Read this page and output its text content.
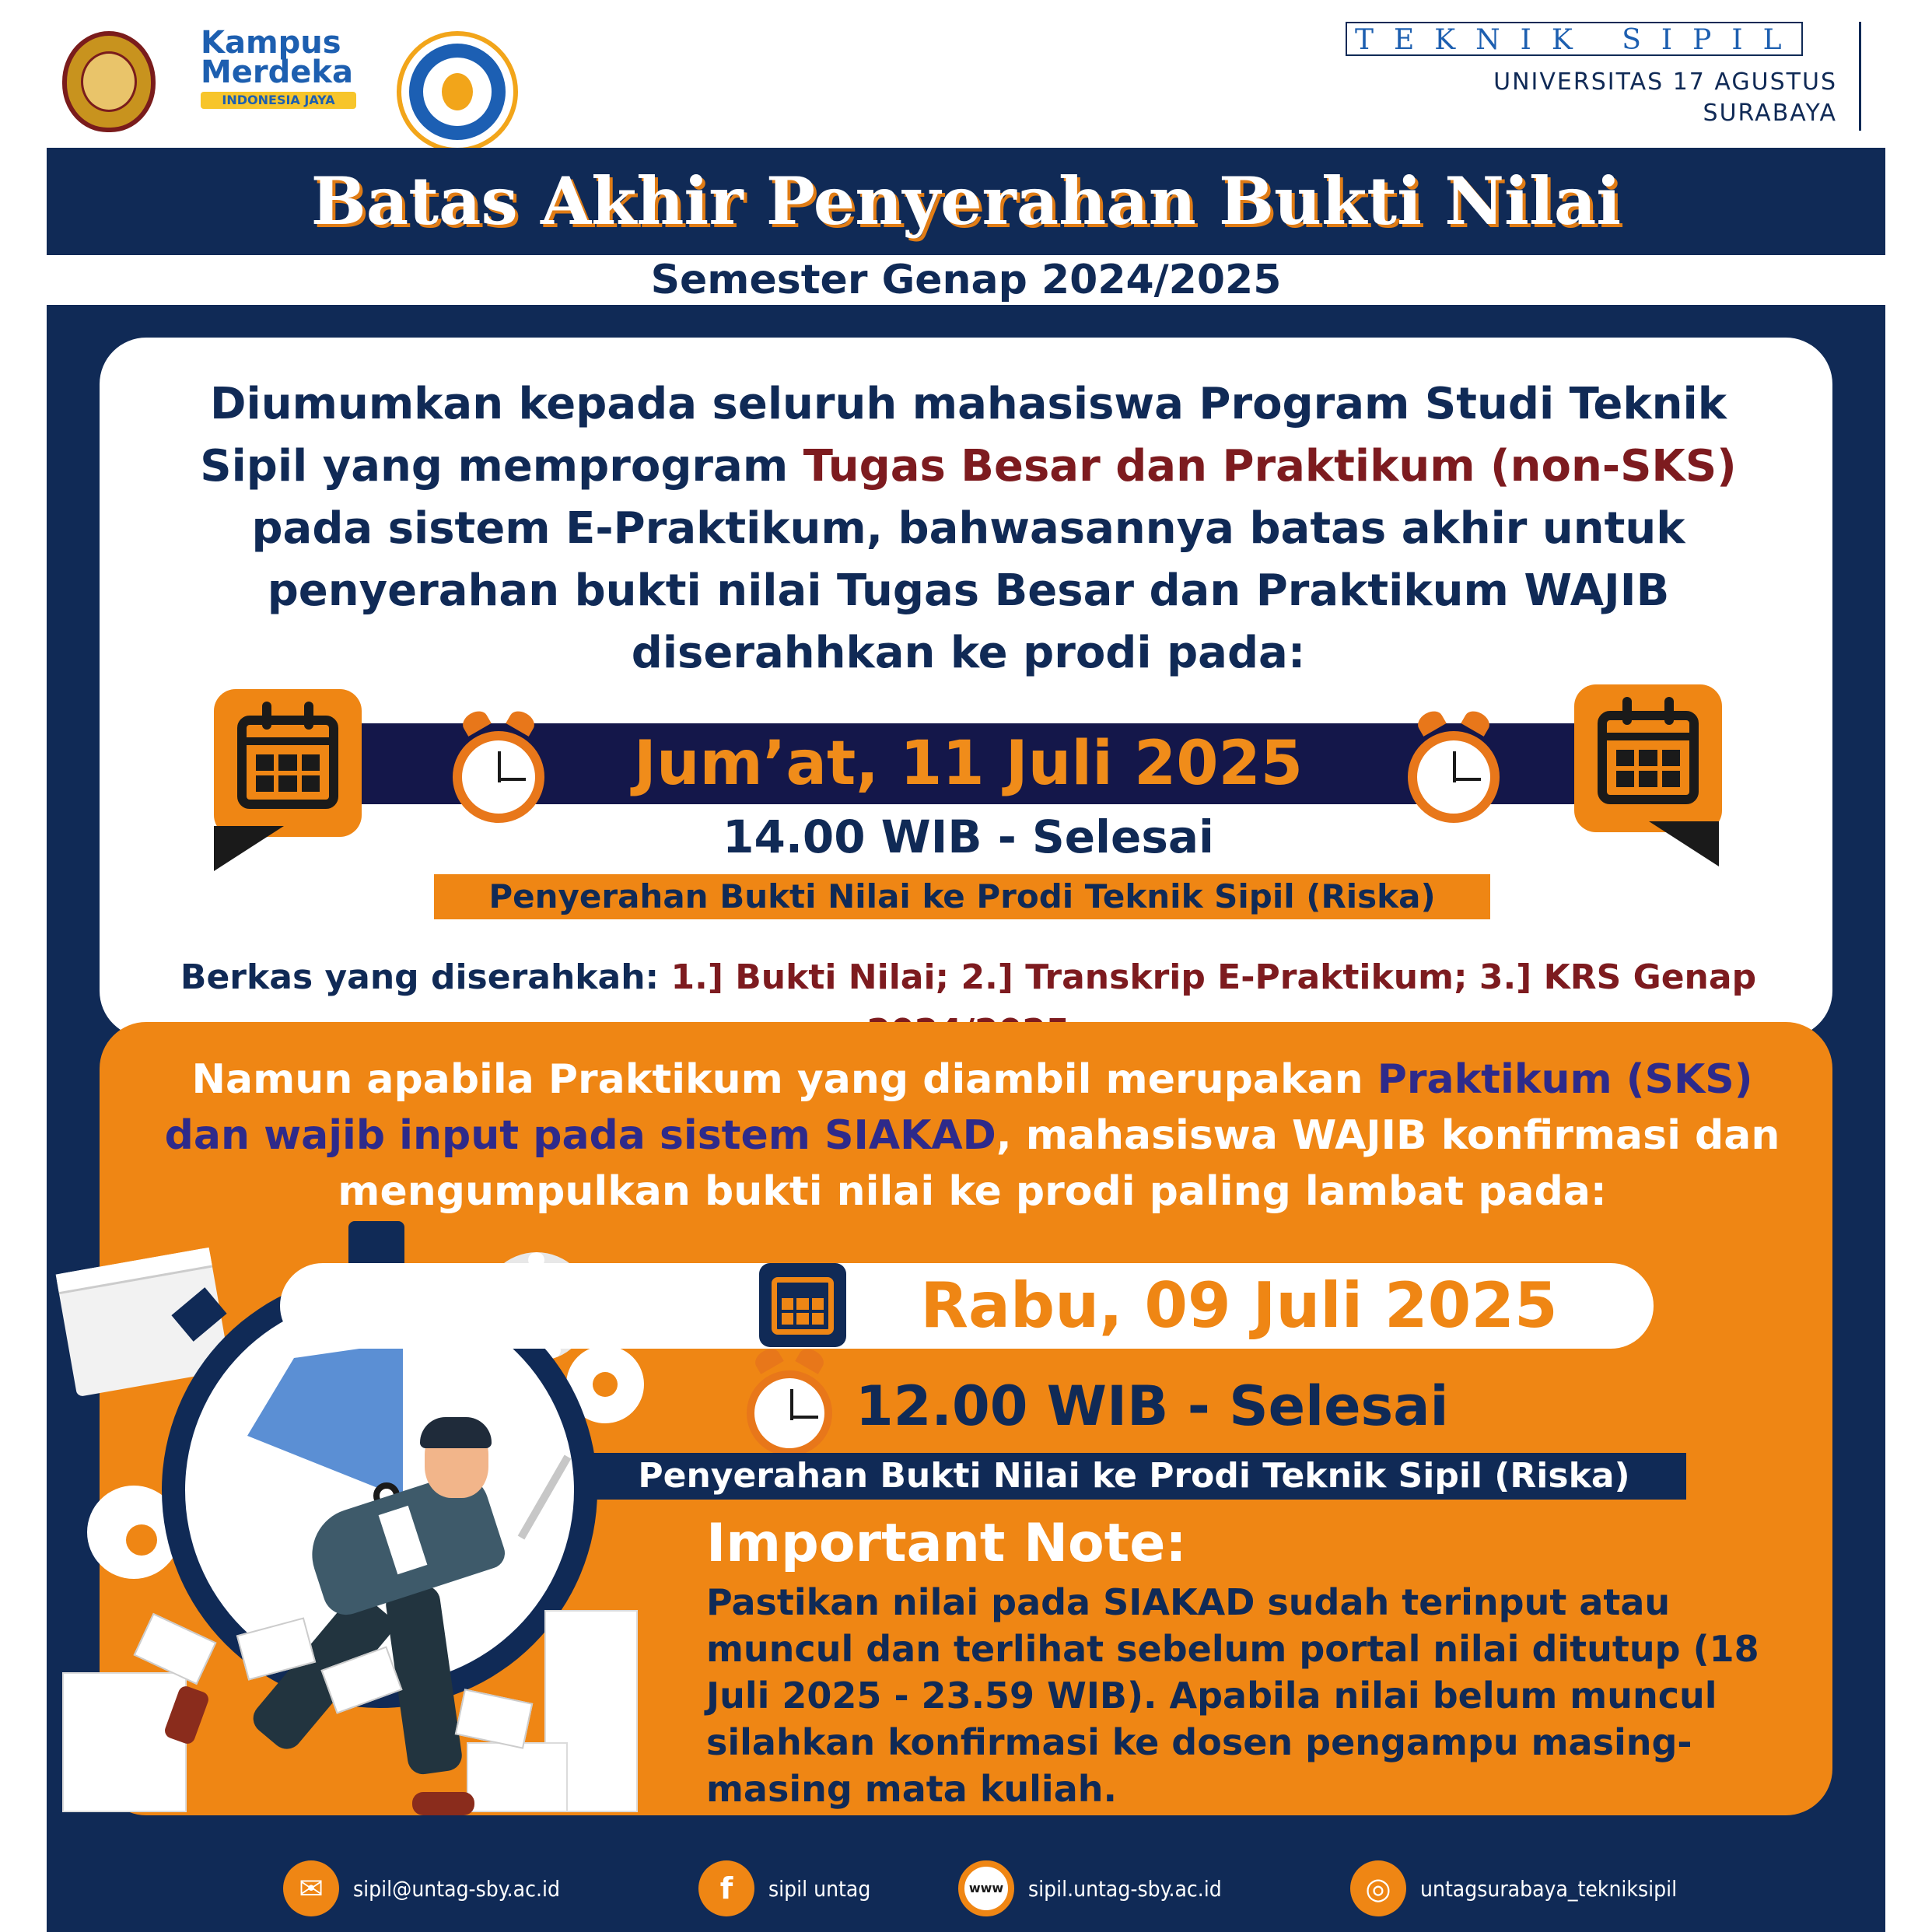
Kampus
Merdeka
INDONESIA JAYA
TEKNIK SIPIL
UNIVERSITAS 17 AGUSTUS
SURABAYA
Batas Akhir Penyerahan Bukti Nilai
Semester Genap 2024/2025
Diumumkan kepada seluruh mahasiswa Program Studi Teknik Sipil yang memprogram Tugas Besar dan Praktikum (non-SKS) pada sistem E-Praktikum, bahwasannya batas akhir untuk penyerahan bukti nilai Tugas Besar dan Praktikum WAJIB diserahhkan ke prodi pada:
Jum’at, 11 Juli 2025
14.00 WIB - Selesai
Penyerahan Bukti Nilai ke Prodi Teknik Sipil (Riska)
Berkas yang diserahkah: 1.] Bukti Nilai; 2.] Transkrip E-Praktikum; 3.] KRS Genap
Namun apabila Praktikum yang diambil merupakan Praktikum (SKS) dan wajib input pada sistem SIAKAD, mahasiswa WAJIB konfirmasi dan mengumpulkan bukti nilai ke prodi paling lambat pada:
Rabu, 09 Juli 2025
12.00 WIB - Selesai
Penyerahan Bukti Nilai ke Prodi Teknik Sipil (Riska)
Important Note:
Pastikan nilai pada SIAKAD sudah terinput atau muncul dan terlihat sebelum portal nilai ditutup (18 Juli 2025 - 23.59 WIB). Apabila nilai belum muncul silahkan konfirmasi ke dosen pengampu masing-masing mata kuliah.
✉	sipil@untag-sby.ac.id	f	sipil untag	www	sipil.untag-sby.ac.id	◎	untagsurabaya_tekniksipil
